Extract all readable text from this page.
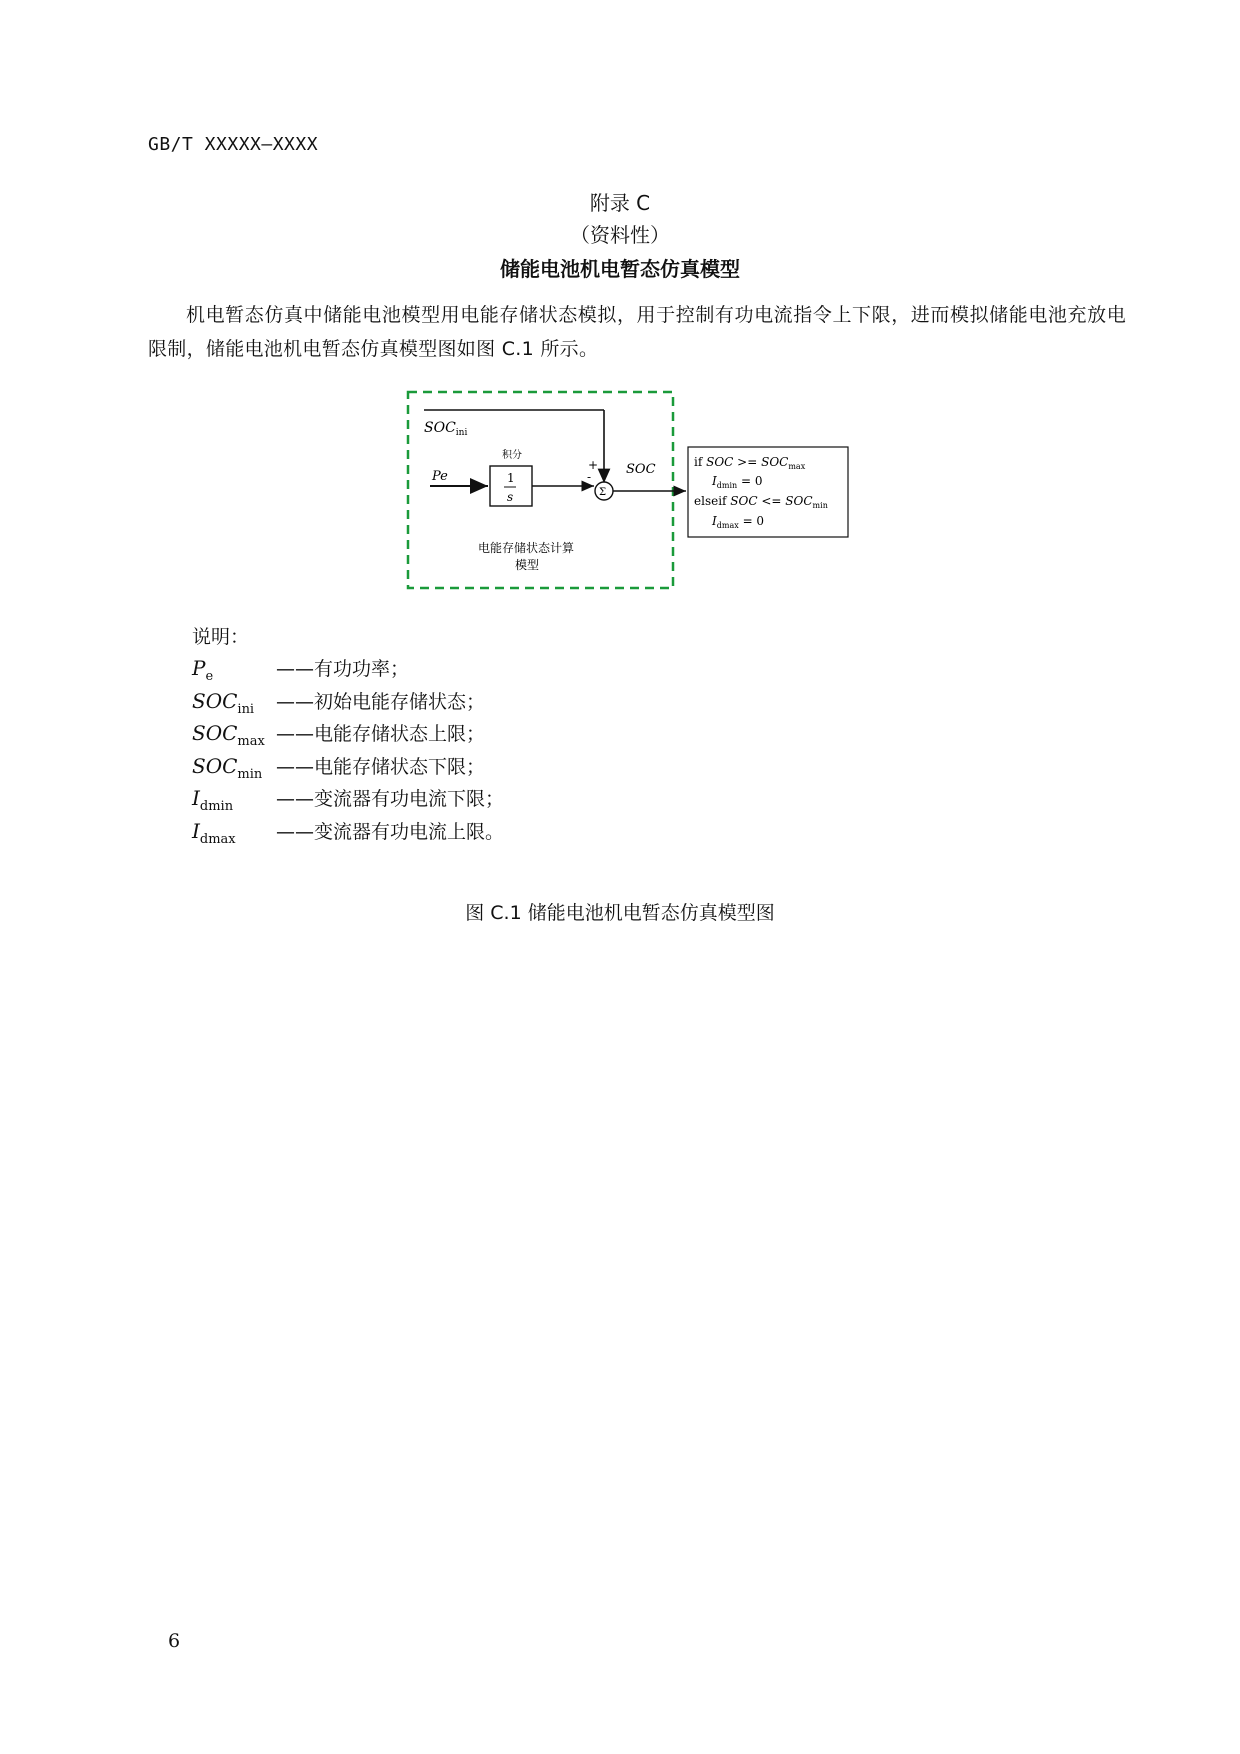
GB/T XXXXX—XXXX
附录 C
（资料性）
储能电池机电暂态仿真模型
机电暂态仿真中储能电池模型用电能存储状态模拟，用于控制有功电流指令上下限，进而模拟储能电池充放电限制，储能电池机电暂态仿真模型图如图 C.1 所示。
$SOC_{ini}$
积分
1
s
Pe
+
-
Σ
SOC
电能存储状态计算
模型
if SOC >= $SOC_{max}$
$I_{dmin} = 0$
elseif SOC <= $SOC_{min}$
$I_{dmax} = 0$
说明：
$P_e$	——有功功率；
$SOC_{ini}$	——初始电能存储状态；
$SOC_{max}$ ——电能存储状态上限；
$SOC_{min}$ ——电能存储状态下限；
$I_{dmin}$	——变流器有功电流下限；
$I_{dmax}$	——变流器有功电流上限。
图 C.1 储能电池机电暂态仿真模型图
6
